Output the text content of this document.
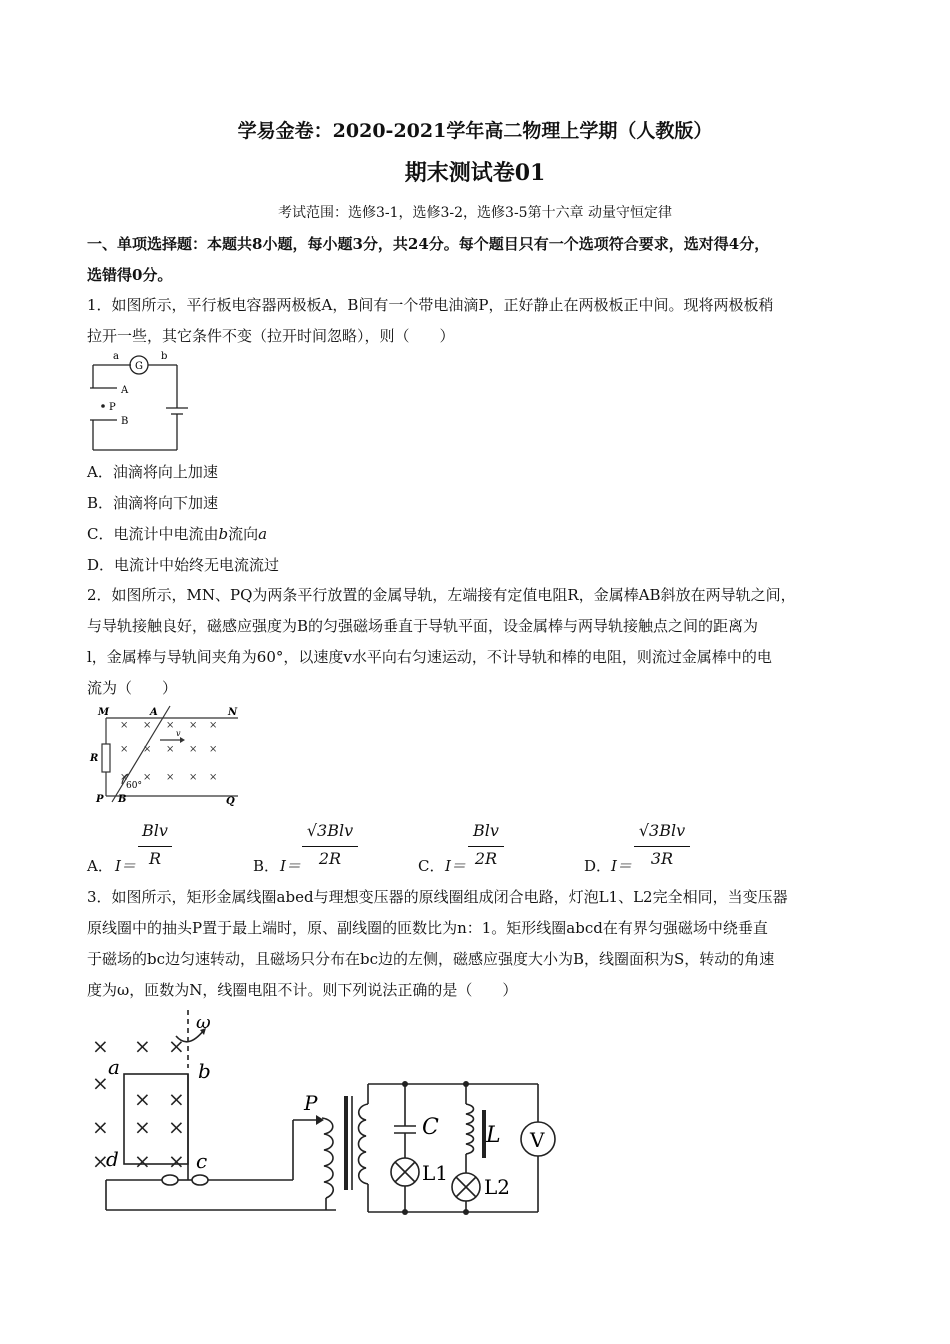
学易金卷：2020-2021学年高二物理上学期（人教版）
期末测试卷01
考试范围：选修3-1，选修3-2，选修3-5第十六章 动量守恒定律
一、单项选择题：本题共8小题，每小题3分，共24分。每个题目只有一个选项符合要求，选对得4分，
选错得0分。
1．如图所示，平行板电容器两极板A，B间有一个带电油滴P，正好静止在两极板正中间。现将两极板稍
拉开一些，其它条件不变（拉开时间忽略），则（　　）
a
G
b
A
P
B
A．油滴将向上加速
B．油滴将向下加速
C．电流计中电流由b流向a
D．电流计中始终无电流流过
2．如图所示，MN、PQ为两条平行放置的金属导轨，左端接有定值电阻R，金属棒AB斜放在两导轨之间，
与导轨接触良好，磁感应强度为B的匀强磁场垂直于导轨平面，设金属棒与两导轨接触点之间的距离为
l，金属棒与导轨间夹角为60°，以速度v水平向右匀速运动，不计导轨和棒的电阻，则流过金属棒中的电
流为（　　）
× × × × ×
× × × × ×
× × × × ×
M	A	N
R
v
60°
P B	Q
A． I＝
Blv
R	B． I＝
√3Blv
2R	C． I＝
Blv
2R	D． I＝
√3Blv
3R
3．如图所示，矩形金属线圈abed与理想变压器的原线圈组成闭合电路，灯泡L1、L2完全相同，当变压器
原线圈中的抽头P置于最上端时，原、副线圈的匝数比为n：1。矩形线圈abcd在有界匀强磁场中绕垂直
于磁场的bc边匀速转动，且磁场只分布在bc边的左侧，磁感应强度大小为B，线圈面积为S，转动的角速
度为ω，匝数为N，线圈电阻不计。则下列说法正确的是（　　）
× × ×
×
× × ×
× × ×
× ×
ω
a	b
d	c
P
C L V
L1
L2
